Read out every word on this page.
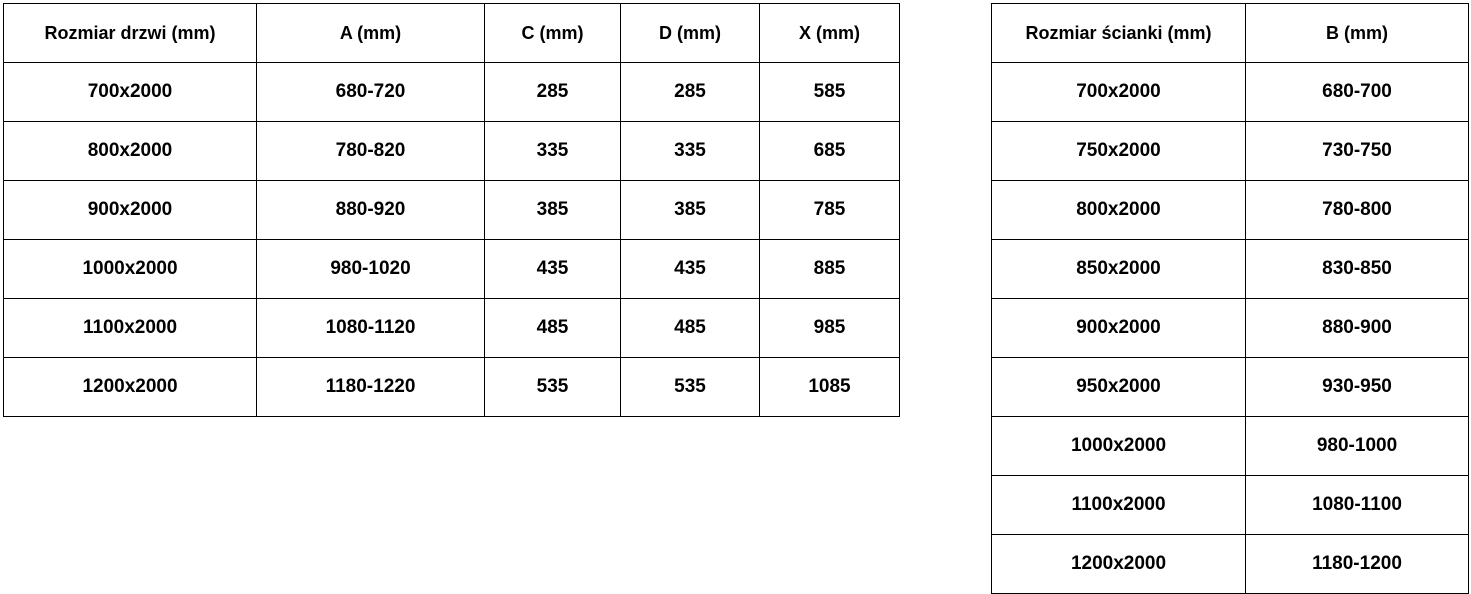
Rozmiar drzwi (mm)	A (mm)	C (mm)	D (mm)	X (mm)
700x2000	680-720	285	285	585
800x2000	780-820	335	335	685
900x2000	880-920	385	385	785
1000x2000	980-1020	435	435	885
1100x2000	1080-1120	485	485	985
1200x2000	1180-1220	535	535	1085
Rozmiar ścianki (mm)	B (mm)
700x2000	680-700
750x2000	730-750
800x2000	780-800
850x2000	830-850
900x2000	880-900
950x2000	930-950
1000x2000	980-1000
1100x2000	1080-1100
1200x2000	1180-1200
